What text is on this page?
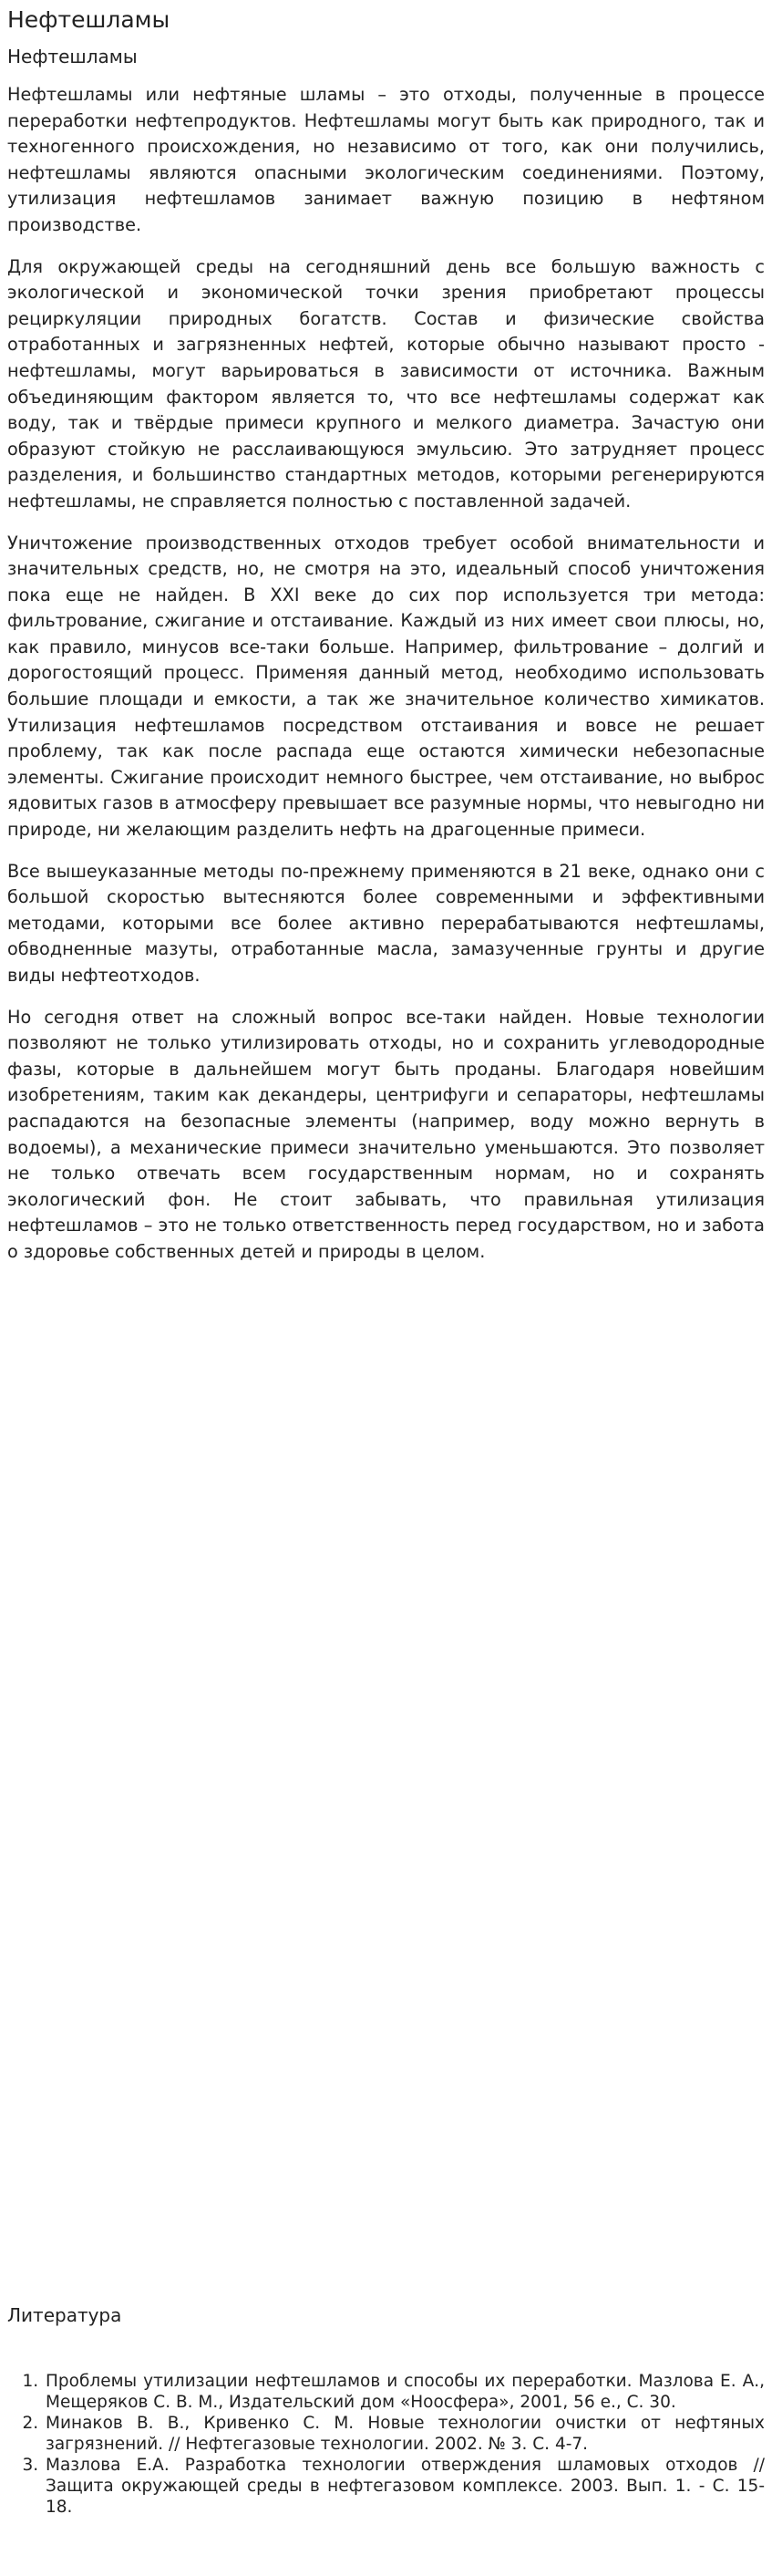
Нефтешламы
Нефтешламы

Нефтешламы или нефтяные шламы – это отходы, полученные в процессе переработки нефтепродуктов. Нефтешламы могут быть как природного, так и техногенного происхождения, но независимо от того, как они получились, нефтешламы являются опасными экологическим соединениями. Поэтому, утилизация нефтешламов занимает важную позицию в нефтяном производстве.

Для окружающей среды на сегодняшний день все большую важность с экологической и экономической точки зрения приобретают процессы рециркуляции природных богатств. Состав и физические свойства отработанных и загрязненных нефтей, которые обычно называют просто - нефтешламы, могут варьироваться в зависимости от источника. Важным объединяющим фактором является то, что все нефтешламы содержат как воду, так и твёрдые примеси крупного и мелкого диаметра. Зачастую они образуют стойкую не расслаивающуюся эмульсию. Это затрудняет процесс разделения, и большинство стандартных методов, которыми регенерируются нефтешламы, не справляется полностью с поставленной задачей.

Уничтожение производственных отходов требует особой внимательности и значительных средств, но, не смотря на это, идеальный способ уничтожения пока еще не найден. В XXI веке до сих пор используется три метода: фильтрование, сжигание и отстаивание. Каждый из них имеет свои плюсы, но, как правило, минусов все-таки больше. Например, фильтрование – долгий и дорогостоящий процесс. Применяя данный метод, необходимо использовать большие площади и емкости, а так же значительное количество химикатов. Утилизация нефтешламов посредством отстаивания и вовсе не решает проблему, так как после распада еще остаются химически небезопасные элементы. Сжигание происходит немного быстрее, чем отстаивание, но выброс ядовитых газов в атмосферу превышает все разумные нормы, что невыгодно ни природе, ни желающим разделить нефть на драгоценные примеси.

Все вышеуказанные методы по-прежнему применяются в 21 веке, однако они с большой скоростью вытесняются более современными и эффективными методами, которыми все более активно перерабатываются нефтешламы, обводненные мазуты, отработанные масла, замазученные грунты и другие виды нефтеотходов.

Но сегодня ответ на сложный вопрос все-таки найден. Новые технологии позволяют не только утилизировать отходы, но и сохранить углеводородные фазы, которые в дальнейшем могут быть проданы. Благодаря новейшим изобретениям, таким как декандеры, центрифуги и сепараторы, нефтешламы распадаются на безопасные элементы (например, воду можно вернуть в водоемы), а механические примеси значительно уменьшаются. Это позволяет не только отвечать всем государственным нормам, но и сохранять экологический фон. Не стоит забывать, что правильная утилизация нефтешламов – это не только ответственность перед государством, но и забота о здоровье собственных детей и природы в целом.

Литература
1. Проблемы утилизации нефтешламов и способы их переработки. Мазлова Е. А., Мещеряков С. В. М., Издательский дом «Ноосфера», 2001, 56 е., С. 30.
2. Минаков В. В., Кривенко С. М. Новые технологии очистки от нефтяных загрязнений. // Нефтегазовые технологии. 2002. № 3. С. 4-7.
3. Мазлова Е.А. Разработка технологии отверждения шламовых отходов // Защита окружающей среды в нефтегазовом комплексе. 2003. Вып. 1. - С. 15-18.
